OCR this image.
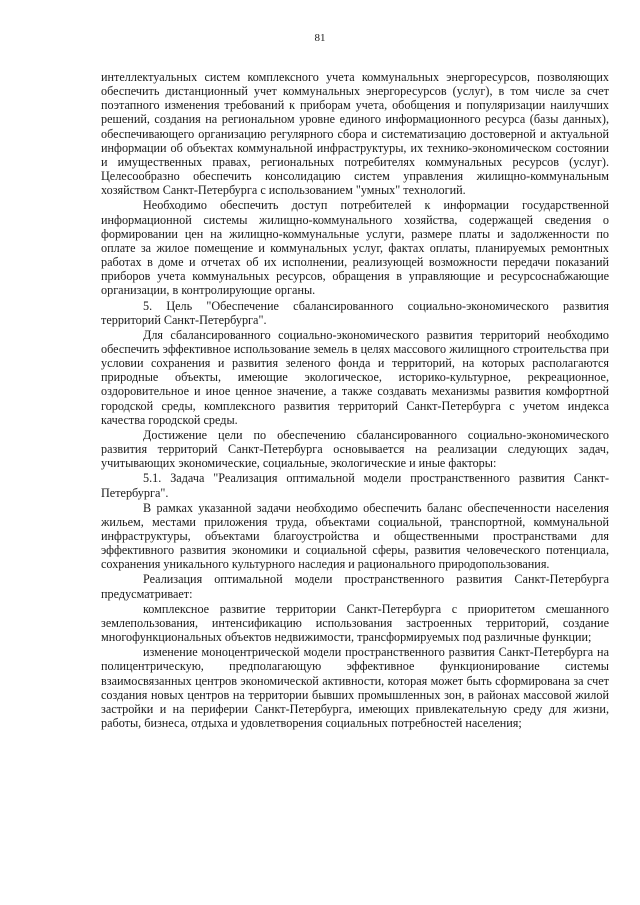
81

интеллектуальных систем комплексного учета коммунальных энергоресурсов, позволяющих обеспечить дистанционный учет коммунальных энергоресурсов (услуг), в том числе за счет поэтапного изменения требований к приборам учета, обобщения и популяризации наилучших решений, создания на региональном уровне единого информационного ресурса (базы данных), обеспечивающего организацию регулярного сбора и систематизацию достоверной и актуальной информации об объектах коммунальной инфраструктуры, их технико-экономическом состоянии и имущественных правах, региональных потребителях коммунальных ресурсов (услуг). Целесообразно обеспечить консолидацию систем управления жилищно-коммунальным хозяйством Санкт-Петербурга с использованием "умных" технологий.

Необходимо обеспечить доступ потребителей к информации государственной информационной системы жилищно-коммунального хозяйства, содержащей сведения о формировании цен на жилищно-коммунальные услуги, размере платы и задолженности по оплате за жилое помещение и коммунальных услуг, фактах оплаты, планируемых ремонтных работах в доме и отчетах об их исполнении, реализующей возможности передачи показаний приборов учета коммунальных ресурсов, обращения в управляющие и ресурсоснабжающие организации, в контролирующие органы.

5. Цель "Обеспечение сбалансированного социально-экономического развития территорий Санкт-Петербурга".

Для сбалансированного социально-экономического развития территорий необходимо обеспечить эффективное использование земель в целях массового жилищного строительства при условии сохранения и развития зеленого фонда и территорий, на которых располагаются природные объекты, имеющие экологическое, историко-культурное, рекреационное, оздоровительное и иное ценное значение, а также создавать механизмы развития комфортной городской среды, комплексного развития территорий Санкт-Петербурга с учетом индекса качества городской среды.

Достижение цели по обеспечению сбалансированного социально-экономического развития территорий Санкт-Петербурга основывается на реализации следующих задач, учитывающих экономические, социальные, экологические и иные факторы:

5.1. Задача "Реализация оптимальной модели пространственного развития Санкт-Петербурга".

В рамках указанной задачи необходимо обеспечить баланс обеспеченности населения жильем, местами приложения труда, объектами социальной, транспортной, коммунальной инфраструктуры, объектами благоустройства и общественными пространствами для эффективного развития экономики и социальной сферы, развития человеческого потенциала, сохранения уникального культурного наследия и рационального природопользования.

Реализация оптимальной модели пространственного развития Санкт-Петербурга предусматривает:

комплексное развитие территории Санкт-Петербурга с приоритетом смешанного землепользования, интенсификацию использования застроенных территорий, создание многофункциональных объектов недвижимости, трансформируемых под различные функции;

изменение моноцентрической модели пространственного развития Санкт-Петербурга на полицентрическую, предполагающую эффективное функционирование системы взаимосвязанных центров экономической активности, которая может быть сформирована за счет создания новых центров на территории бывших промышленных зон, в районах массовой жилой застройки и на периферии Санкт-Петербурга, имеющих привлекательную среду для жизни, работы, бизнеса, отдыха и удовлетворения социальных потребностей населения;
